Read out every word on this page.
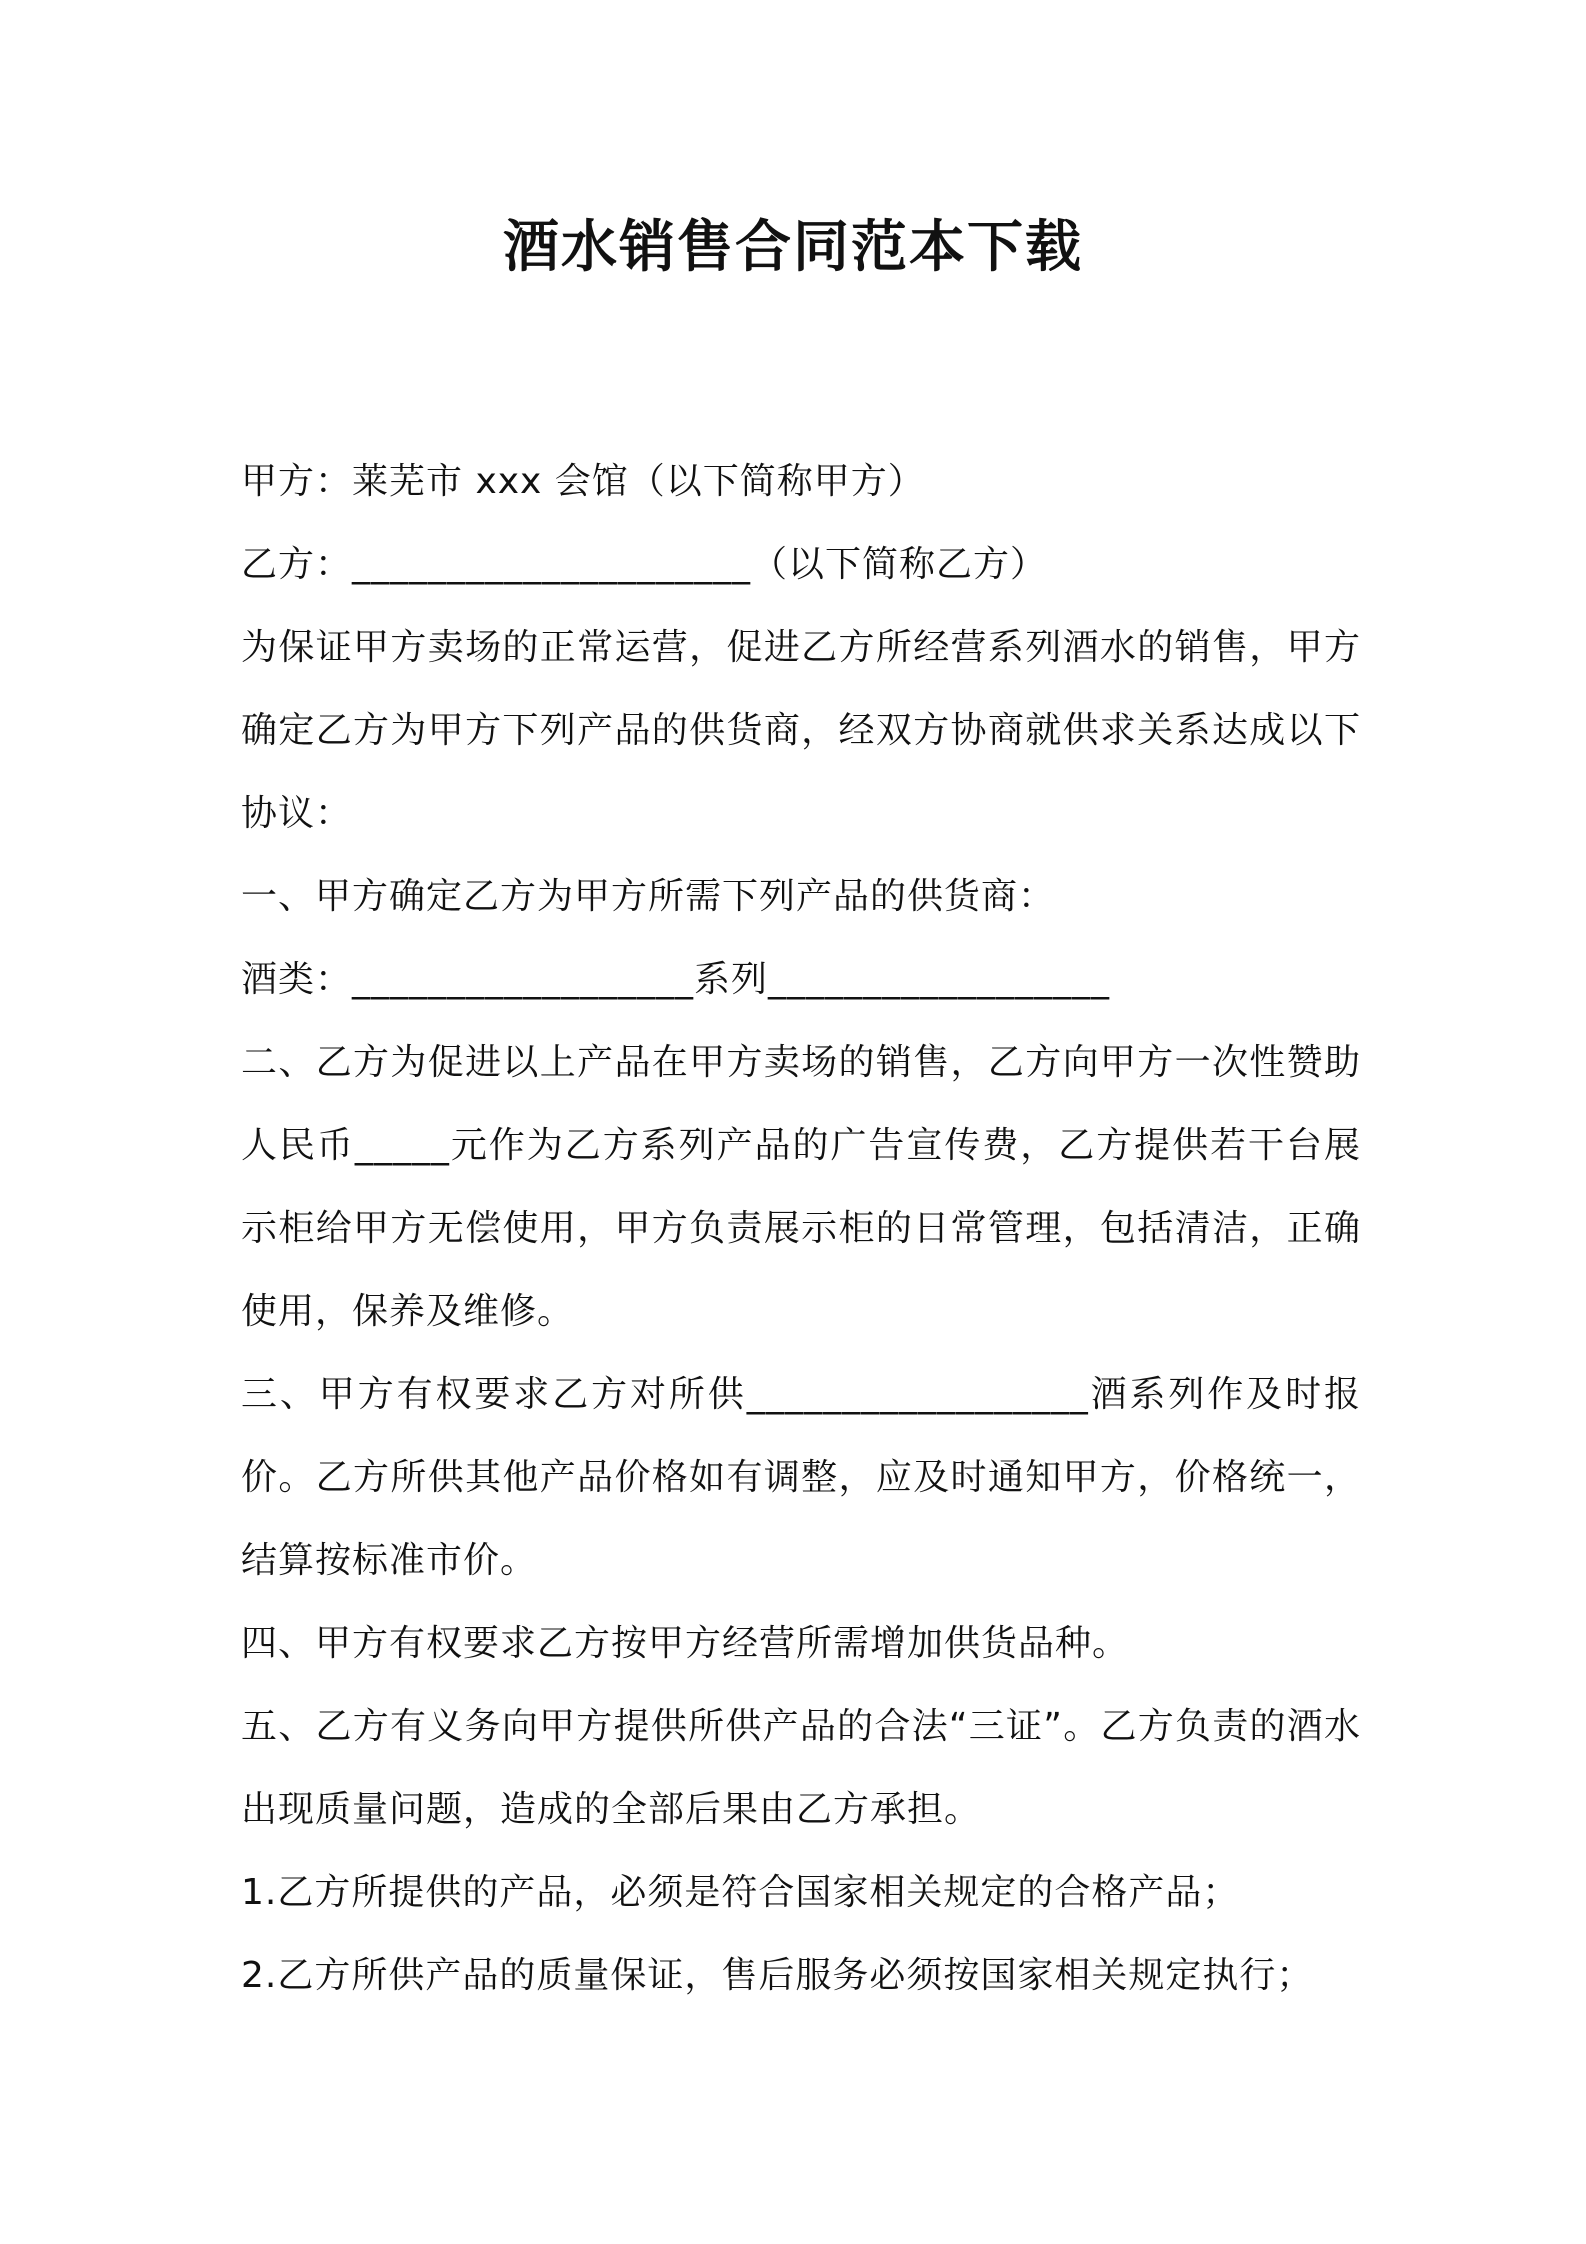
酒水销售合同范本下载

甲方：莱芜市 xxx 会馆（以下简称甲方）

乙方：_____________________（以下简称乙方）

为保证甲方卖场的正常运营，促进乙方所经营系列酒水的销售，甲方确定乙方为甲方下列产品的供货商，经双方协商就供求关系达成以下协议：

一、甲方确定乙方为甲方所需下列产品的供货商：

酒类：__________________系列__________________

二、乙方为促进以上产品在甲方卖场的销售，乙方向甲方一次性赞助人民币_____元作为乙方系列产品的广告宣传费，乙方提供若干台展示柜给甲方无偿使用，甲方负责展示柜的日常管理，包括清洁，正确使用，保养及维修。

三、甲方有权要求乙方对所供__________________酒系列作及时报价。乙方所供其他产品价格如有调整，应及时通知甲方，价格统一，结算按标准市价。

四、甲方有权要求乙方按甲方经营所需增加供货品种。

五、乙方有义务向甲方提供所供产品的合法“三证”。乙方负责的酒水出现质量问题，造成的全部后果由乙方承担。

1.乙方所提供的产品，必须是符合国家相关规定的合格产品；

2.乙方所供产品的质量保证，售后服务必须按国家相关规定执行；
